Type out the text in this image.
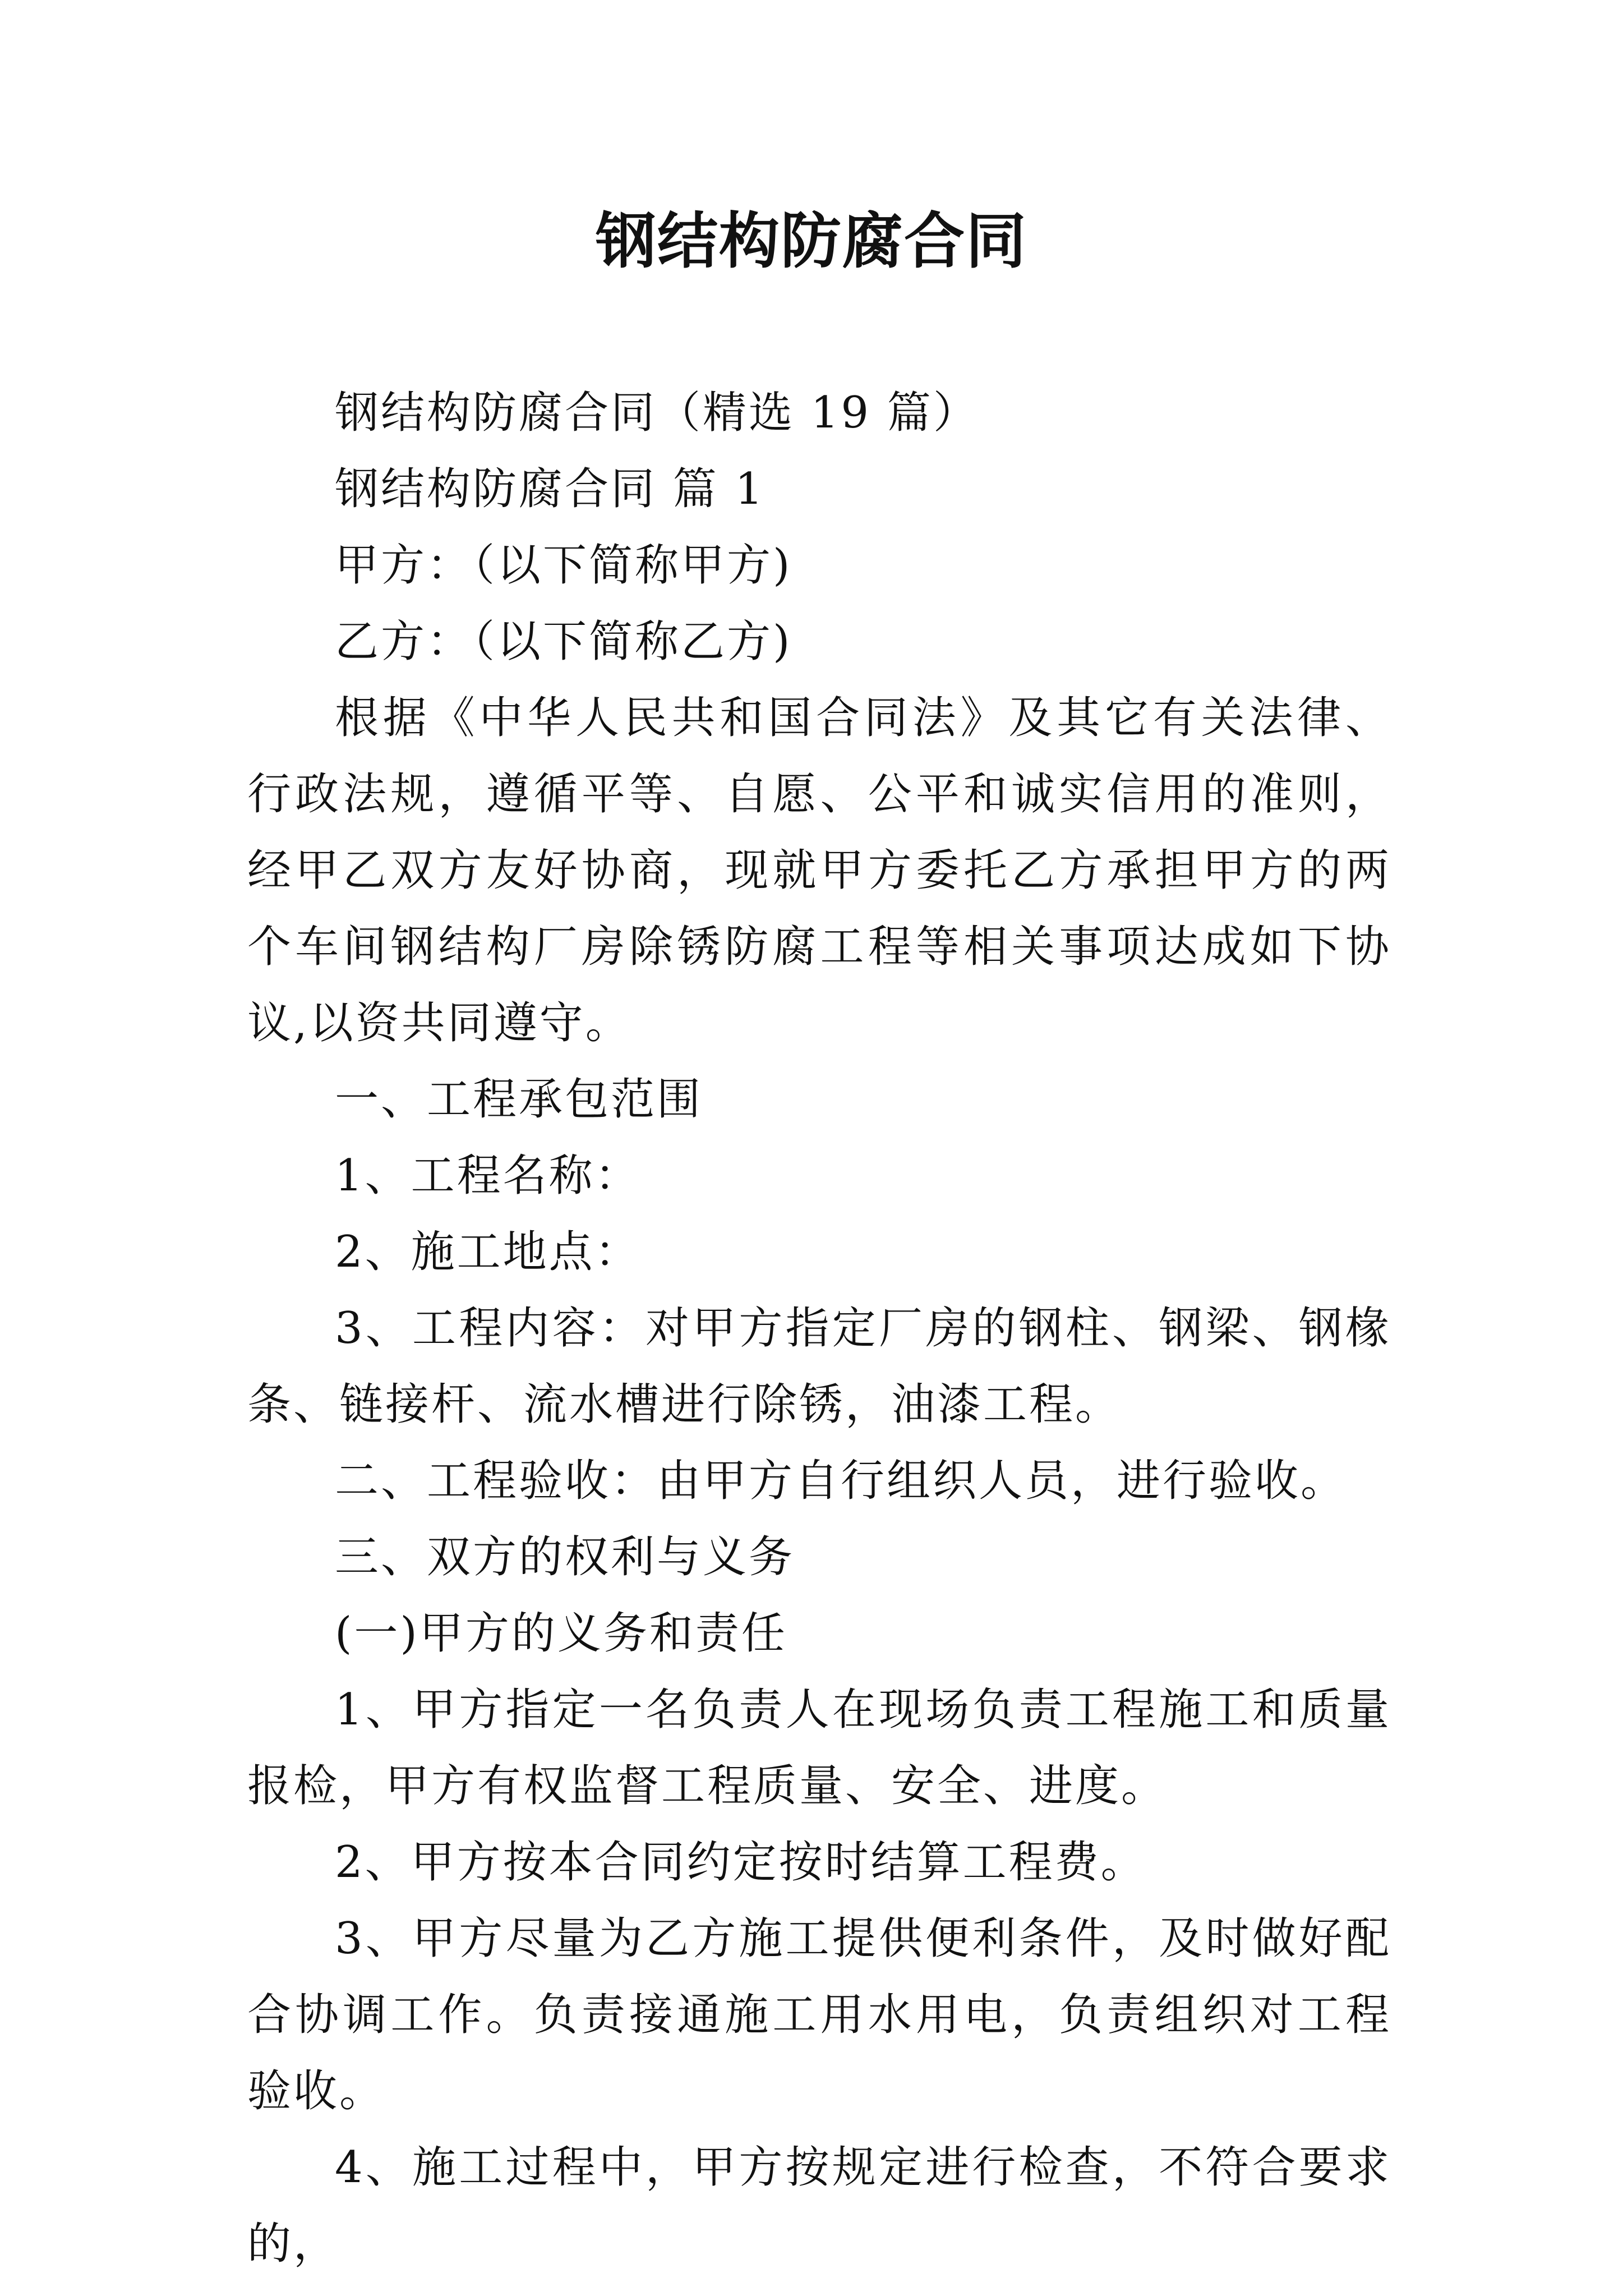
钢结构防腐合同

钢结构防腐合同（精选 19 篇）

钢结构防腐合同 篇 1

甲方：（以下简称甲方)

乙方：（以下简称乙方)

根据《中华人民共和国合同法》及其它有关法律、行政法规，遵循平等、自愿、公平和诚实信用的准则，经甲乙双方友好协商，现就甲方委托乙方承担甲方的两个车间钢结构厂房除锈防腐工程等相关事项达成如下协议,以资共同遵守。

一、工程承包范围

1、工程名称：

2、施工地点：

3、工程内容：对甲方指定厂房的钢柱、钢梁、钢椽条、链接杆、流水槽进行除锈，油漆工程。

二、工程验收：由甲方自行组织人员，进行验收。

三、双方的权利与义务

(一)甲方的义务和责任

1、甲方指定一名负责人在现场负责工程施工和质量报检，甲方有权监督工程质量、安全、进度。

2、甲方按本合同约定按时结算工程费。

3、甲方尽量为乙方施工提供便利条件，及时做好配合协调工作。负责接通施工用水用电，负责组织对工程验收。

4、施工过程中，甲方按规定进行检查，不符合要求的，
